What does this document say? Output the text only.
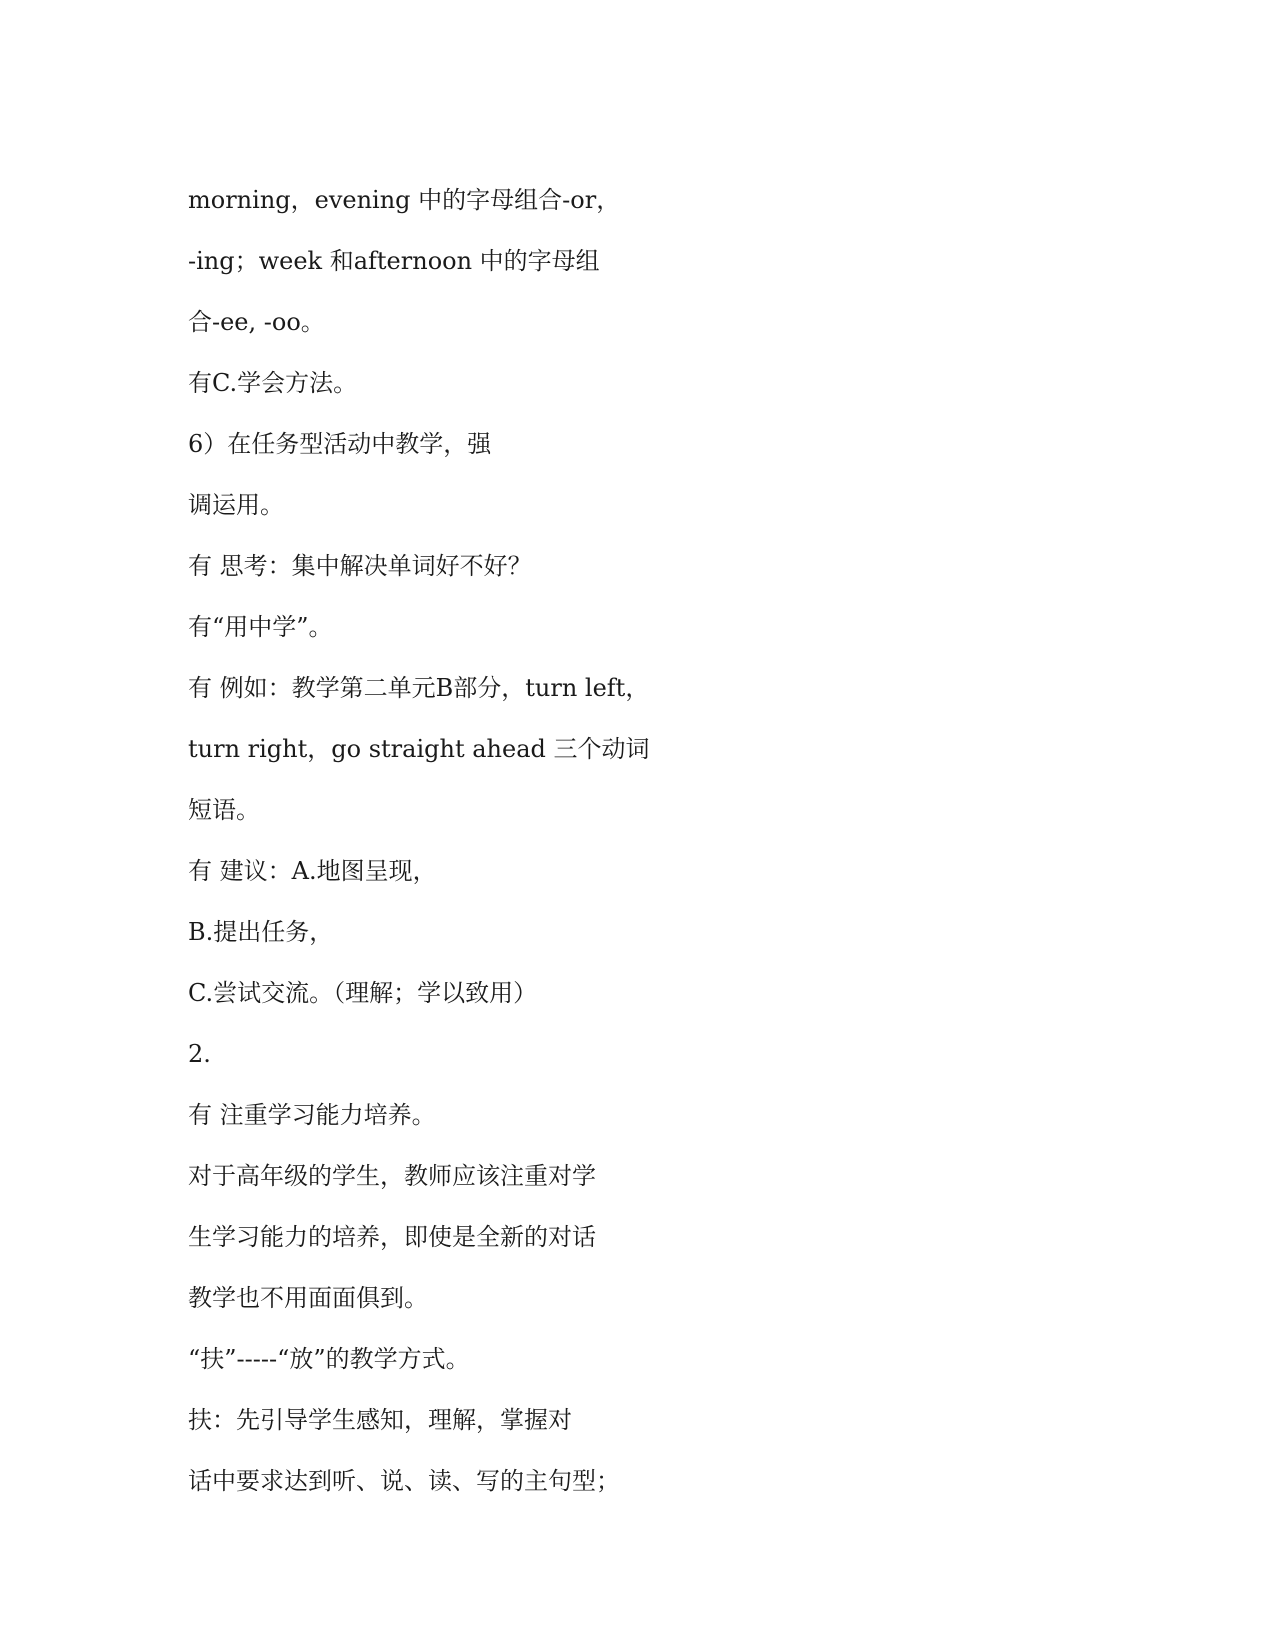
morning，evening 中的字母组合-or，

-ing；week 和afternoon 中的字母组

合-ee, -oo。

有C.学会方法。

6）在任务型活动中教学，强

调运用。

有 思考：集中解决单词好不好？

有“用中学”。

有 例如：教学第二单元B部分，turn left，

turn right，go straight ahead 三个动词

短语。

有 建议：A.地图呈现，

B.提出任务，

C.尝试交流。（理解；学以致用）

2.

有 注重学习能力培养。

对于高年级的学生，教师应该注重对学

生学习能力的培养，即使是全新的对话

教学也不用面面俱到。

“扶”-----“放”的教学方式。

扶：先引导学生感知，理解，掌握对

话中要求达到听、说、读、写的主句型；
